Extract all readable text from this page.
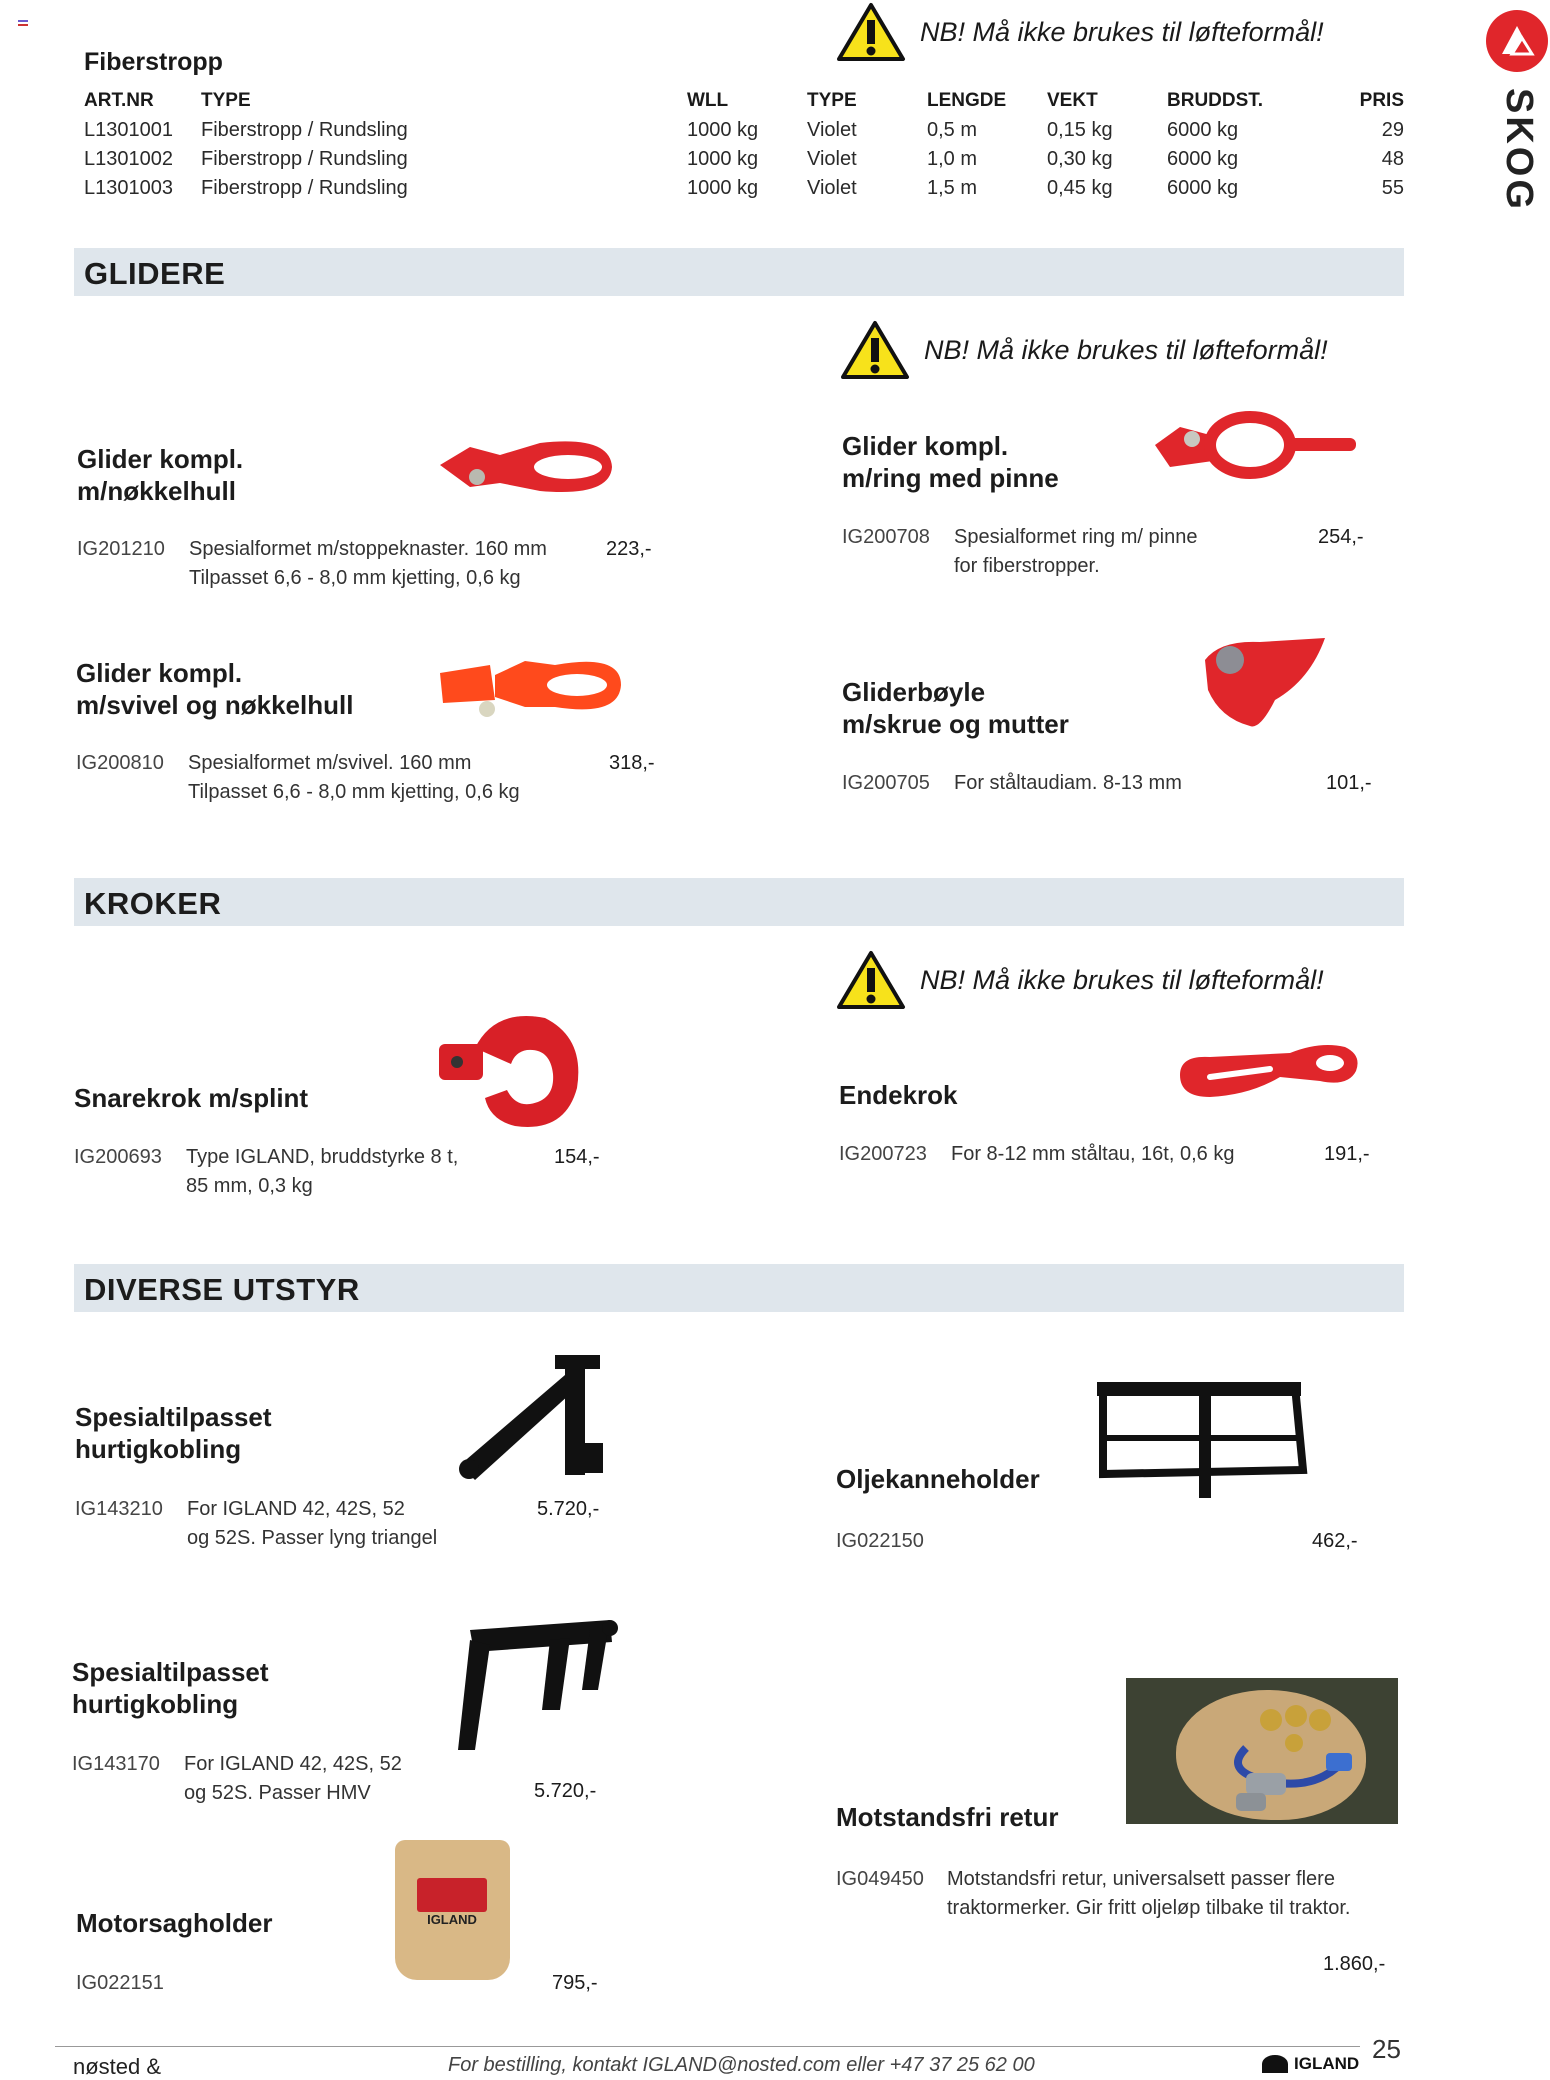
SKOG
NB! Må ikke brukes til løfteformål!
Fiberstropp
ART.NR	TYPE	WLL	TYPE	LENGDE	VEKT	BRUDDST.	PRIS
L1301001	Fiberstropp / Rundsling	1000 kg	Violet	0,5 m	0,15 kg	6000 kg	29
L1301002	Fiberstropp / Rundsling	1000 kg	Violet	1,0 m	0,30 kg	6000 kg	48
L1301003	Fiberstropp / Rundsling	1000 kg	Violet	1,5 m	0,45 kg	6000 kg	55
GLIDERE
NB! Må ikke brukes til løfteformål!
Glider kompl.
m/nøkkelhull
IG201210 Spesialformet m/stoppeknaster. 160 mm
Tilpasset 6,6 - 8,0 mm kjetting, 0,6 kg
223,-
Glider kompl.
m/ring med pinne
IG200708 Spesialformet ring m/ pinne
for fiberstropper.
254,-
Glider kompl.
m/svivel og nøkkelhull
IG200810 Spesialformet m/svivel. 160 mm
Tilpasset 6,6 - 8,0 mm kjetting, 0,6 kg
318,-
Gliderbøyle
m/skrue og mutter
IG200705 For ståltaudiam. 8-13 mm	101,-
KROKER
NB! Må ikke brukes til løfteformål!
Snarekrok m/splint
IG200693 Type IGLAND, bruddstyrke 8 t,
85 mm, 0,3 kg
154,-
Endekrok
IG200723 For 8-12 mm ståltau, 16t, 0,6 kg	191,-
DIVERSE UTSTYR
Spesialtilpasset
hurtigkobling
IG143210 For IGLAND 42, 42S, 52
og 52S. Passer lyng triangel
5.720,-
Oljekanneholder
IG022150	462,-
Spesialtilpasset
hurtigkobling
IG143170 For IGLAND 42, 42S, 52
og 52S. Passer HMV	5.720,-
Motstandsfri retur
IG049450 Motstandsfri retur, universalsett passer flere
traktormerker. Gir fritt oljeløp tilbake til traktor.
1.860,-
Motorsagholder	IGLAND
IG022151	795,-
nøsted &	For bestilling, kontakt IGLAND@nosted.com eller +47 37 25 62 00	IGLAND 25
